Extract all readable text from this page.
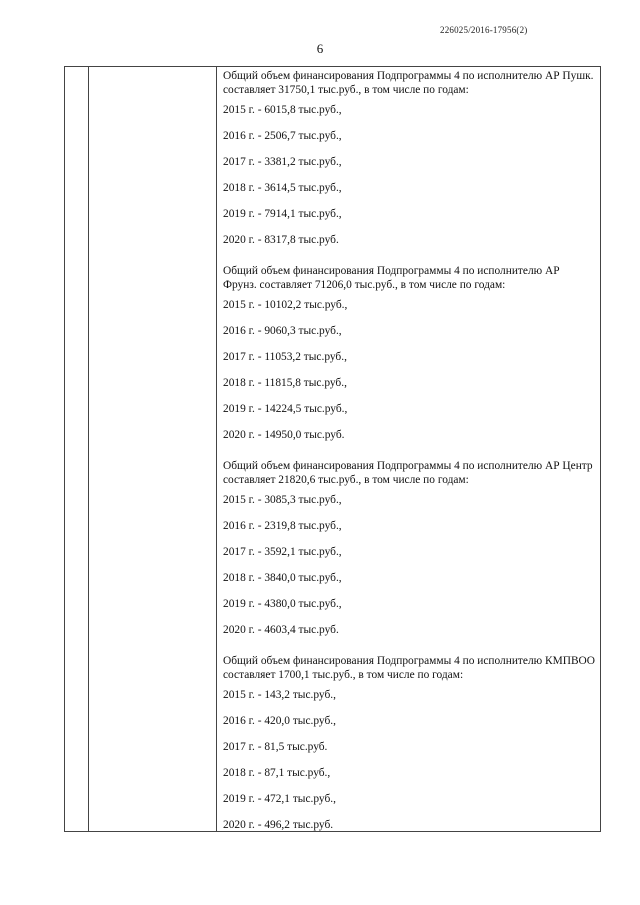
226025/2016-17956(2)
6

Общий объем финансирования Подпрограммы 4 по исполнителю АР Пушк. составляет 31750,1 тыс.руб., в том числе по годам:

2015 г. - 6015,8 тыс.руб.,

2016 г. - 2506,7 тыс.руб.,

2017 г. - 3381,2 тыс.руб.,

2018 г. - 3614,5 тыс.руб.,

2019 г. - 7914,1 тыс.руб.,

2020 г. - 8317,8 тыс.руб.

Общий объем финансирования Подпрограммы 4 по исполнителю АР Фрунз. составляет 71206,0 тыс.руб., в том числе по годам:

2015 г. - 10102,2 тыс.руб.,

2016 г. - 9060,3 тыс.руб.,

2017 г. - 11053,2 тыс.руб.,

2018 г. - 11815,8 тыс.руб.,

2019 г. - 14224,5 тыс.руб.,

2020 г. - 14950,0 тыс.руб.

Общий объем финансирования Подпрограммы 4 по исполнителю АР Центр составляет 21820,6 тыс.руб., в том числе по годам:

2015 г. - 3085,3 тыс.руб.,

2016 г. - 2319,8 тыс.руб.,

2017 г. - 3592,1 тыс.руб.,

2018 г. - 3840,0 тыс.руб.,

2019 г. - 4380,0 тыс.руб.,

2020 г. - 4603,4 тыс.руб.

Общий объем финансирования Подпрограммы 4 по исполнителю КМПВОО составляет 1700,1 тыс.руб., в том числе по годам:

2015 г. - 143,2 тыс.руб.,

2016 г. - 420,0 тыс.руб.,

2017 г. - 81,5 тыс.руб.

2018 г. - 87,1 тыс.руб.,

2019 г. - 472,1 тыс.руб.,

2020 г. - 496,2 тыс.руб.
